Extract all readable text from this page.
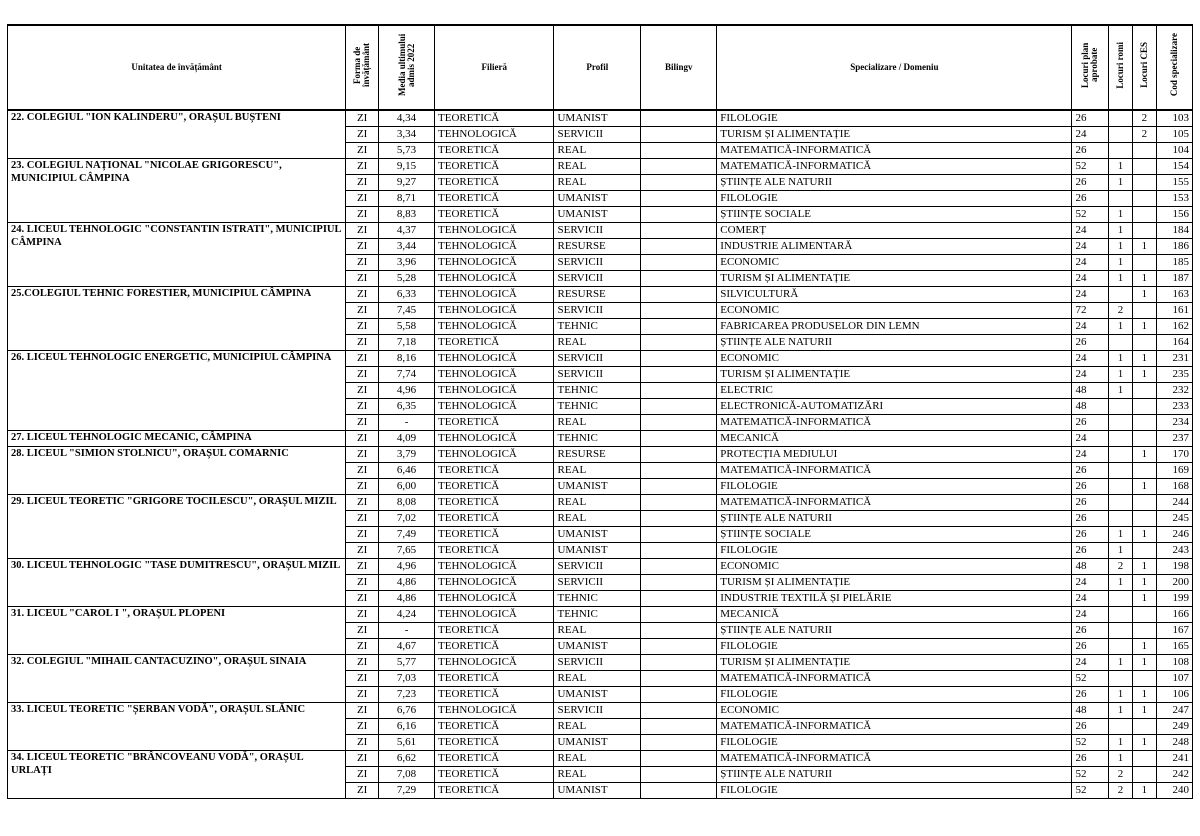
Unitatea de învățământ	Forma de învățământ	Media ultimului admis 2022	Filieră	Profil	Bilingv	Specializare / Domeniu	Locuri plan aprobate	Locuri romi	Locuri CES	Cod specializare
22. COLEGIUL "ION KALINDERU", ORAȘUL BUȘTENI	ZI	4,34	TEORETICĂ	UMANIST		FILOLOGIE	26		2	103
	ZI	3,34	TEHNOLOGICĂ	SERVICII		TURISM ȘI ALIMENTAȚIE	24		2	105
	ZI	5,73	TEORETICĂ	REAL		MATEMATICĂ-INFORMATICĂ	26			104
23. COLEGIUL NAȚIONAL "NICOLAE GRIGORESCU", MUNICIPIUL CÂMPINA	ZI	9,15	TEORETICĂ	REAL		MATEMATICĂ-INFORMATICĂ	52	1		154
	ZI	9,27	TEORETICĂ	REAL		ȘTIINȚE ALE NATURII	26	1		155
	ZI	8,71	TEORETICĂ	UMANIST		FILOLOGIE	26			153
	ZI	8,83	TEORETICĂ	UMANIST		ȘTIINȚE SOCIALE	52	1		156
24. LICEUL TEHNOLOGIC "CONSTANTIN ISTRATI", MUNICIPIUL CÂMPINA	ZI	4,37	TEHNOLOGICĂ	SERVICII		COMERȚ	24	1		184
	ZI	3,44	TEHNOLOGICĂ	RESURSE		INDUSTRIE ALIMENTARĂ	24	1	1	186
	ZI	3,96	TEHNOLOGICĂ	SERVICII		ECONOMIC	24	1		185
	ZI	5,28	TEHNOLOGICĂ	SERVICII		TURISM ȘI ALIMENTAȚIE	24	1	1	187
25.COLEGIUL TEHNIC FORESTIER, MUNICIPIUL CÂMPINA	ZI	6,33	TEHNOLOGICĂ	RESURSE		SILVICULTURĂ	24		1	163
	ZI	7,45	TEHNOLOGICĂ	SERVICII		ECONOMIC	72	2		161
	ZI	5,58	TEHNOLOGICĂ	TEHNIC		FABRICAREA PRODUSELOR DIN LEMN	24	1	1	162
	ZI	7,18	TEORETICĂ	REAL		ȘTIINȚE ALE NATURII	26			164
26. LICEUL TEHNOLOGIC ENERGETIC, MUNICIPIUL CÂMPINA	ZI	8,16	TEHNOLOGICĂ	SERVICII		ECONOMIC	24	1	1	231
	ZI	7,74	TEHNOLOGICĂ	SERVICII		TURISM ȘI ALIMENTAȚIE	24	1	1	235
	ZI	4,96	TEHNOLOGICĂ	TEHNIC		ELECTRIC	48	1		232
	ZI	6,35	TEHNOLOGICĂ	TEHNIC		ELECTRONICĂ-AUTOMATIZĂRI	48			233
	ZI	-	TEORETICĂ	REAL		MATEMATICĂ-INFORMATICĂ	26			234
27. LICEUL TEHNOLOGIC MECANIC, CÂMPINA	ZI	4,09	TEHNOLOGICĂ	TEHNIC		MECANICĂ	24			237
28. LICEUL "SIMION STOLNICU", ORAȘUL COMARNIC	ZI	3,79	TEHNOLOGICĂ	RESURSE		PROTECȚIA MEDIULUI	24		1	170
	ZI	6,46	TEORETICĂ	REAL		MATEMATICĂ-INFORMATICĂ	26			169
	ZI	6,00	TEORETICĂ	UMANIST		FILOLOGIE	26		1	168
29. LICEUL TEORETIC "GRIGORE TOCILESCU", ORAȘUL MIZIL	ZI	8,08	TEORETICĂ	REAL		MATEMATICĂ-INFORMATICĂ	26			244
	ZI	7,02	TEORETICĂ	REAL		ȘTIINȚE ALE NATURII	26			245
	ZI	7,49	TEORETICĂ	UMANIST		ȘTIINȚE SOCIALE	26	1	1	246
	ZI	7,65	TEORETICĂ	UMANIST		FILOLOGIE	26	1		243
30. LICEUL TEHNOLOGIC "TASE DUMITRESCU", ORAȘUL MIZIL	ZI	4,96	TEHNOLOGICĂ	SERVICII		ECONOMIC	48	2	1	198
	ZI	4,86	TEHNOLOGICĂ	SERVICII		TURISM ȘI ALIMENTAȚIE	24	1	1	200
	ZI	4,86	TEHNOLOGICĂ	TEHNIC		INDUSTRIE TEXTILĂ ȘI PIELĂRIE	24		1	199
31. LICEUL "CAROL I ", ORAȘUL PLOPENI	ZI	4,24	TEHNOLOGICĂ	TEHNIC		MECANICĂ	24			166
	ZI	-	TEORETICĂ	REAL		ȘTIINȚE ALE NATURII	26			167
	ZI	4,67	TEORETICĂ	UMANIST		FILOLOGIE	26		1	165
32. COLEGIUL "MIHAIL CANTACUZINO", ORAȘUL SINAIA	ZI	5,77	TEHNOLOGICĂ	SERVICII		TURISM ȘI ALIMENTAȚIE	24	1	1	108
	ZI	7,03	TEORETICĂ	REAL		MATEMATICĂ-INFORMATICĂ	52			107
	ZI	7,23	TEORETICĂ	UMANIST		FILOLOGIE	26	1	1	106
33. LICEUL TEORETIC "ȘERBAN VODĂ", ORAȘUL SLĂNIC	ZI	6,76	TEHNOLOGICĂ	SERVICII		ECONOMIC	48	1	1	247
	ZI	6,16	TEORETICĂ	REAL		MATEMATICĂ-INFORMATICĂ	26			249
	ZI	5,61	TEORETICĂ	UMANIST		FILOLOGIE	52	1	1	248
34. LICEUL TEORETIC "BRÂNCOVEANU VODĂ", ORAȘUL URLAȚI	ZI	6,62	TEORETICĂ	REAL		MATEMATICĂ-INFORMATICĂ	26	1		241
	ZI	7,08	TEORETICĂ	REAL		ȘTIINȚE ALE NATURII	52	2		242
	ZI	7,29	TEORETICĂ	UMANIST		FILOLOGIE	52	2	1	240
